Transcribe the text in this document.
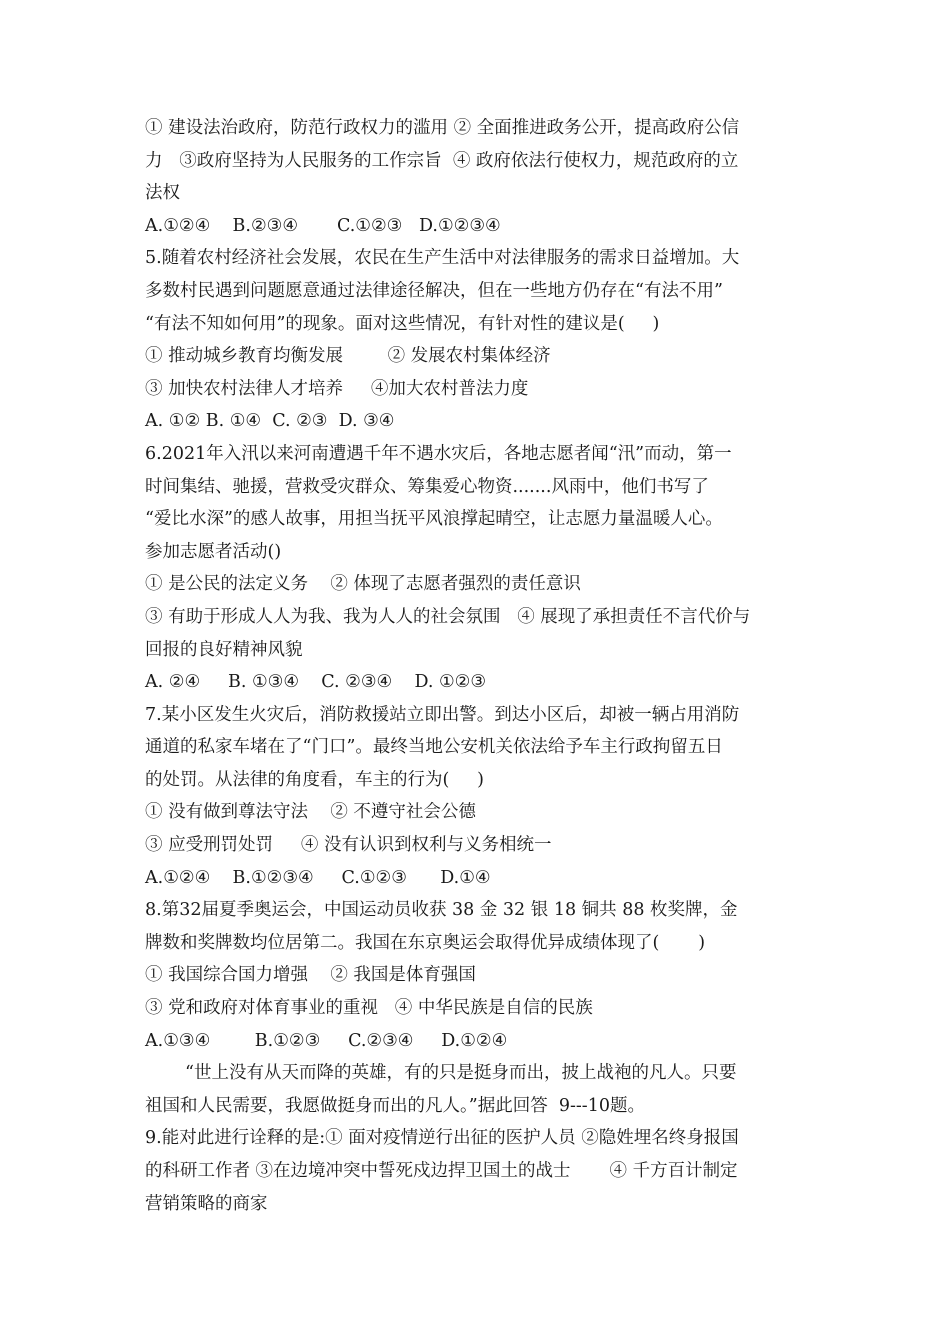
① 建设法治政府，防范行政权力的滥用 ② 全面推进政务公开，提高政府公信
力   ③政府坚持为人民服务的工作宗旨  ④ 政府依法行使权力，规范政府的立
法权
A.①②④    B.②③④       C.①②③   D.①②③④
5.随着农村经济社会发展，农民在生产生活中对法律服务的需求日益增加。大
多数村民遇到问题愿意通过法律途径解决，但在一些地方仍存在“有法不用”
“有法不知如何用”的现象。面对这些情况，有针对性的建议是(     )
① 推动城乡教育均衡发展        ② 发展农村集体经济
③ 加快农村法律人才培养     ④加大农村普法力度
A. ①② B. ①④  C. ②③  D. ③④
6.2021年入汛以来河南遭遇千年不遇水灾后，各地志愿者闻“汛”而动，第一
时间集结、驰援，营救受灾群众、筹集爱心物资.......风雨中，他们书写了
“爱比水深”的感人故事，用担当抚平风浪撑起晴空，让志愿力量温暖人心。
参加志愿者活动()
① 是公民的法定义务    ② 体现了志愿者强烈的责任意识
③ 有助于形成人人为我、我为人人的社会氛围   ④ 展现了承担责任不言代价与
回报的良好精神风貌
A. ②④     B. ①③④    C. ②③④    D. ①②③
7.某小区发生火灾后，消防救援站立即出警。到达小区后，却被一辆占用消防
通道的私家车堵在了“门口”。最终当地公安机关依法给予车主行政拘留五日
的处罚。从法律的角度看，车主的行为(     )
① 没有做到尊法守法    ② 不遵守社会公德
③ 应受刑罚处罚     ④ 没有认识到权利与义务相统一
A.①②④    B.①②③④     C.①②③      D.①④
8.第32届夏季奥运会，中国运动员收获 38 金 32 银 18 铜共 88 枚奖牌，金
牌数和奖牌数均位居第二。我国在东京奥运会取得优异成绩体现了(       )
① 我国综合国力增强    ② 我国是体育强国
③ 党和政府对体育事业的重视   ④ 中华民族是自信的民族
A.①③④        B.①②③     C.②③④     D.①②④
“世上没有从天而降的英雄，有的只是挺身而出，披上战袍的凡人。只要
祖国和人民需要，我愿做挺身而出的凡人。”据此回答  9---10题。
9.能对此进行诠释的是:① 面对疫情逆行出征的医护人员 ②隐姓埋名终身报国
的科研工作者 ③在边境冲突中誓死戍边捍卫国土的战士       ④ 千方百计制定
营销策略的商家
